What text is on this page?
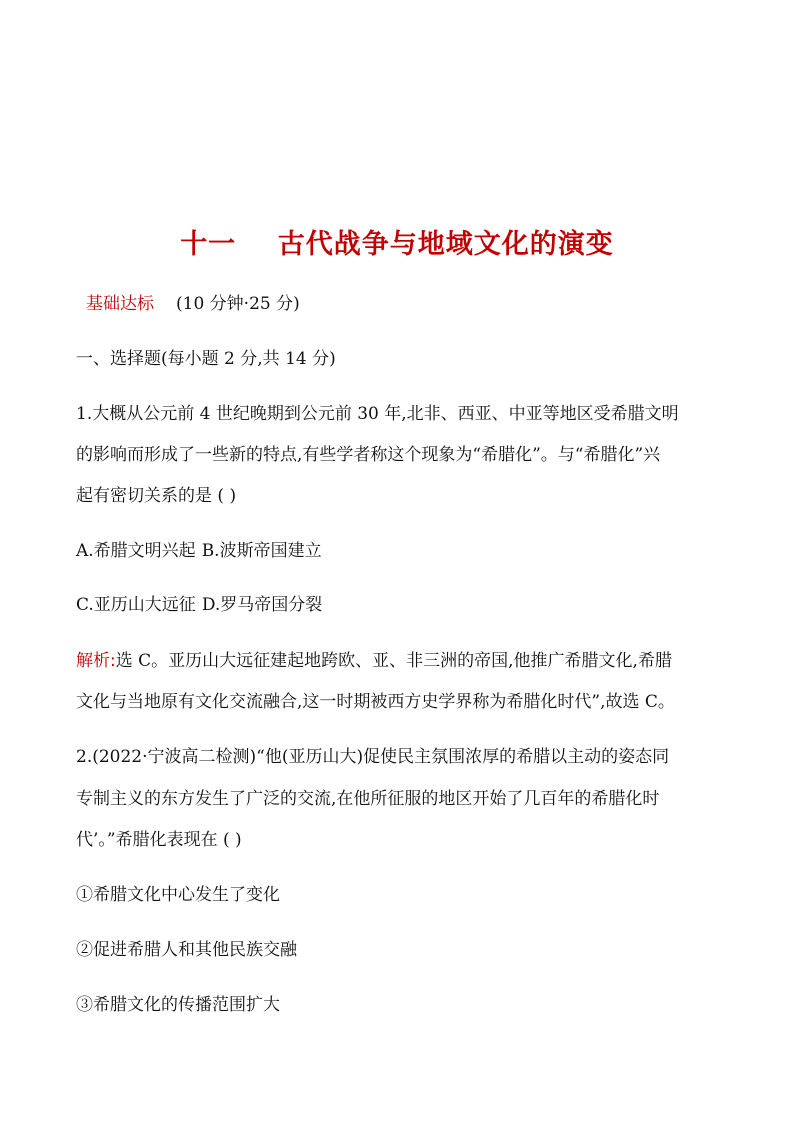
十一    古代战争与地域文化的演变
基础达标 (10 分钟·25 分)
一、选择题(每小题 2 分,共 14 分)
1.大概从公元前 4 世纪晚期到公元前 30 年,北非、西亚、中亚等地区受希腊文明
的影响而形成了一些新的特点,有些学者称这个现象为“希腊化”。与“希腊化”兴
起有密切关系的是 ( )
A.希腊文明兴起 B.波斯帝国建立
C.亚历山大远征 D.罗马帝国分裂
解析:选 C。亚历山大远征建起地跨欧、亚、非三洲的帝国,他推广希腊文化,希腊
文化与当地原有文化交流融合,这一时期被西方史学界称为希腊化时代”,故选 C。
2.(2022·宁波高二检测)“他(亚历山大)促使民主氛围浓厚的希腊以主动的姿态同
专制主义的东方发生了广泛的交流,在他所征服的地区开始了几百年的希腊化时
代’。”希腊化表现在 ( )
①希腊文化中心发生了变化
②促进希腊人和其他民族交融
③希腊文化的传播范围扩大
